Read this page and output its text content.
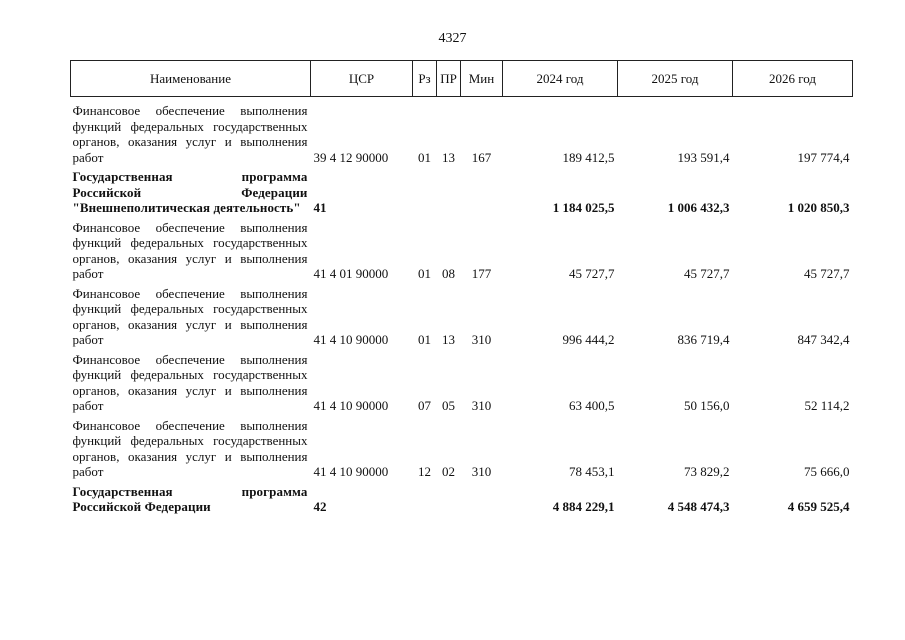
4327
Наименование	ЦСР	Рз	ПР	Мин	2024 год	2025 год	2026 год
Финансовое обеспечение выполнения функций федеральных государственных органов, оказания услуг и выполнения работ	39 4 12 90000	01	13	167	189 412,5	193 591,4	197 774,4
Государственная программа Российской Федерации "Внешнеполитическая деятельность"	41				1 184 025,5	1 006 432,3	1 020 850,3
Финансовое обеспечение выполнения функций федеральных государственных органов, оказания услуг и выполнения работ	41 4 01 90000	01	08	177	45 727,7	45 727,7	45 727,7
Финансовое обеспечение выполнения функций федеральных государственных органов, оказания услуг и выполнения работ	41 4 10 90000	01	13	310	996 444,2	836 719,4	847 342,4
Финансовое обеспечение выполнения функций федеральных государственных органов, оказания услуг и выполнения работ	41 4 10 90000	07	05	310	63 400,5	50 156,0	52 114,2
Финансовое обеспечение выполнения функций федеральных государственных органов, оказания услуг и выполнения работ	41 4 10 90000	12	02	310	78 453,1	73 829,2	75 666,0
Государственная программа Российской Федерации	42				4 884 229,1	4 548 474,3	4 659 525,4
